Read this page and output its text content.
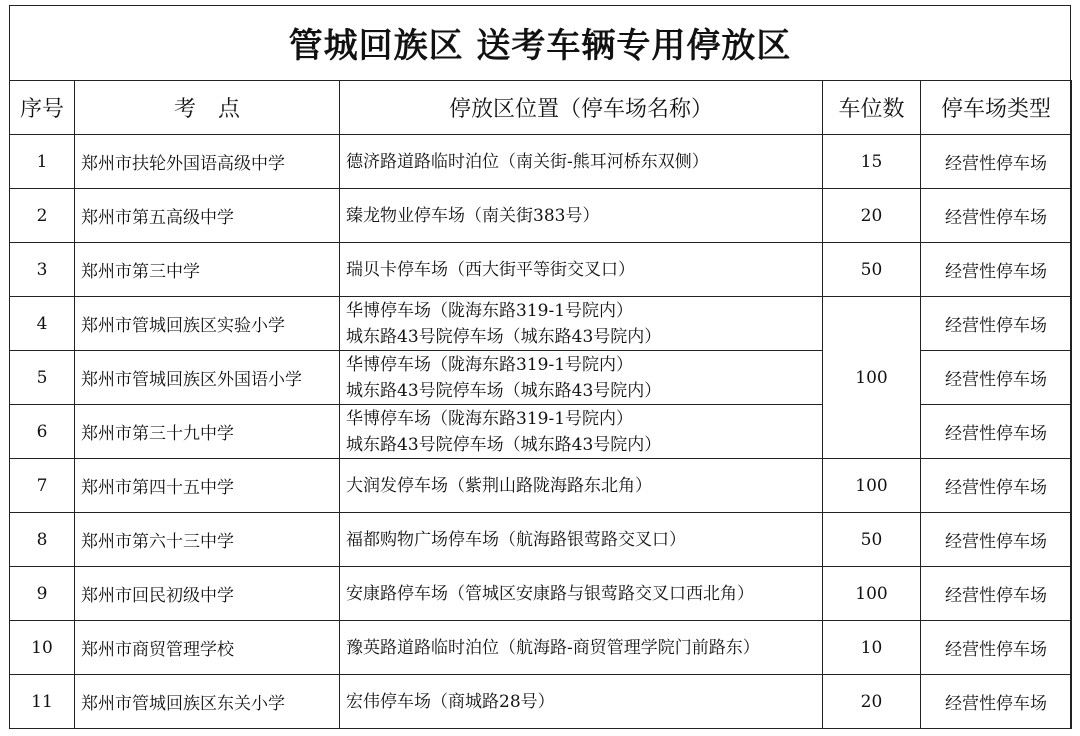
管城回族区 送考车辆专用停放区
序号	考　点	停放区位置（停车场名称）	车位数	停车场类型
1	郑州市扶轮外国语高级中学	德济路道路临时泊位（南关街-熊耳河桥东双侧）	15	经营性停车场
2	郑州市第五高级中学	臻龙物业停车场（南关街383号）	20	经营性停车场
3	郑州市第三中学	瑞贝卡停车场（西大街平等街交叉口）	50	经营性停车场
4	郑州市管城回族区实验小学	华博停车场（陇海东路319-1号院内）
城东路43号院停车场（城东路43号院内）	100	经营性停车场
5	郑州市管城回族区外国语小学	华博停车场（陇海东路319-1号院内）
城东路43号院停车场（城东路43号院内）		经营性停车场
6	郑州市第三十九中学	华博停车场（陇海东路319-1号院内）
城东路43号院停车场（城东路43号院内）		经营性停车场
7	郑州市第四十五中学	大润发停车场（紫荆山路陇海路东北角）	100	经营性停车场
8	郑州市第六十三中学	福都购物广场停车场（航海路银莺路交叉口）	50	经营性停车场
9	郑州市回民初级中学	安康路停车场（管城区安康路与银莺路交叉口西北角）	100	经营性停车场
10	郑州市商贸管理学校	豫英路道路临时泊位（航海路-商贸管理学院门前路东）	10	经营性停车场
11	郑州市管城回族区东关小学	宏伟停车场（商城路28号）	20	经营性停车场
